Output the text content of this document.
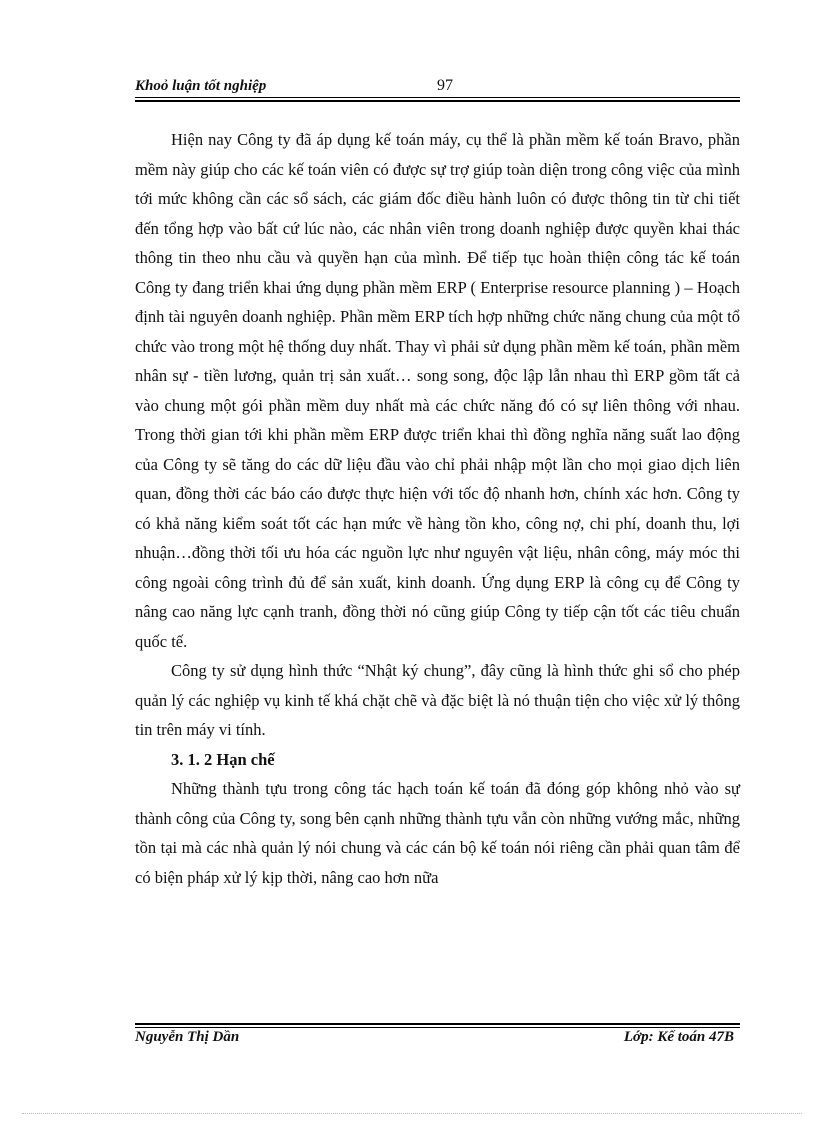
Khoỏ luận tốt nghiệp	97

Hiện nay Công ty đã áp dụng kế toán máy, cụ thể là phần mềm kế toán Bravo, phần mềm này giúp cho các kế toán viên có được sự trợ giúp toàn diện trong công việc của mình tới mức không cần các sổ sách, các giám đốc điều hành luôn có được thông tin từ chi tiết đến tổng hợp vào bất cứ lúc nào, các nhân viên trong doanh nghiệp được quyền khai thác thông tin theo nhu cầu và quyền hạn của mình. Để tiếp tục hoàn thiện công tác kế toán Công ty đang triển khai ứng dụng phần mềm ERP ( Enterprise resource planning ) – Hoạch định tài nguyên doanh nghiệp. Phần mềm ERP tích hợp những chức năng chung của một tổ chức vào trong một hệ thống duy nhất. Thay vì phải sử dụng phần mềm kế toán, phần mềm nhân sự - tiền lương, quản trị sản xuất… song song, độc lập lẫn nhau thì ERP gồm tất cả vào chung một gói phần mềm duy nhất mà các chức năng đó có sự liên thông với nhau. Trong thời gian tới khi phần mềm ERP được triển khai thì đồng nghĩa năng suất lao động của Công ty sẽ tăng do các dữ liệu đầu vào chỉ phải nhập một lần cho mọi giao dịch liên quan, đồng thời các báo cáo được thực hiện với tốc độ nhanh hơn, chính xác hơn. Công ty có khả năng kiểm soát tốt các hạn mức về hàng tồn kho, công nợ, chi phí, doanh thu, lợi nhuận…đồng thời tối ưu hóa các nguồn lực như nguyên vật liệu, nhân công, máy móc thi công ngoài công trình đủ để sản xuất, kinh doanh. Ứng dụng ERP là công cụ để Công ty nâng cao năng lực cạnh tranh, đồng thời nó cũng giúp Công ty tiếp cận tốt các tiêu chuẩn quốc tế.

Công ty sử dụng hình thức “Nhật ký chung”, đây cũng là hình thức ghi sổ cho phép quản lý các nghiệp vụ kinh tế khá chặt chẽ và đặc biệt là nó thuận tiện cho việc xử lý thông tin trên máy vi tính.

3. 1. 2 Hạn chế

Những thành tựu trong công tác hạch toán kế toán đã đóng góp không nhỏ vào sự thành công của Công ty, song bên cạnh những thành tựu vẫn còn những vướng mắc, những tồn tại mà các nhà quản lý nói chung và các cán bộ kế toán nói riêng cần phải quan tâm để có biện pháp xử lý kịp thời, nâng cao hơn nữa

Nguyễn Thị Dần	Lớp: Kế toán 47B
